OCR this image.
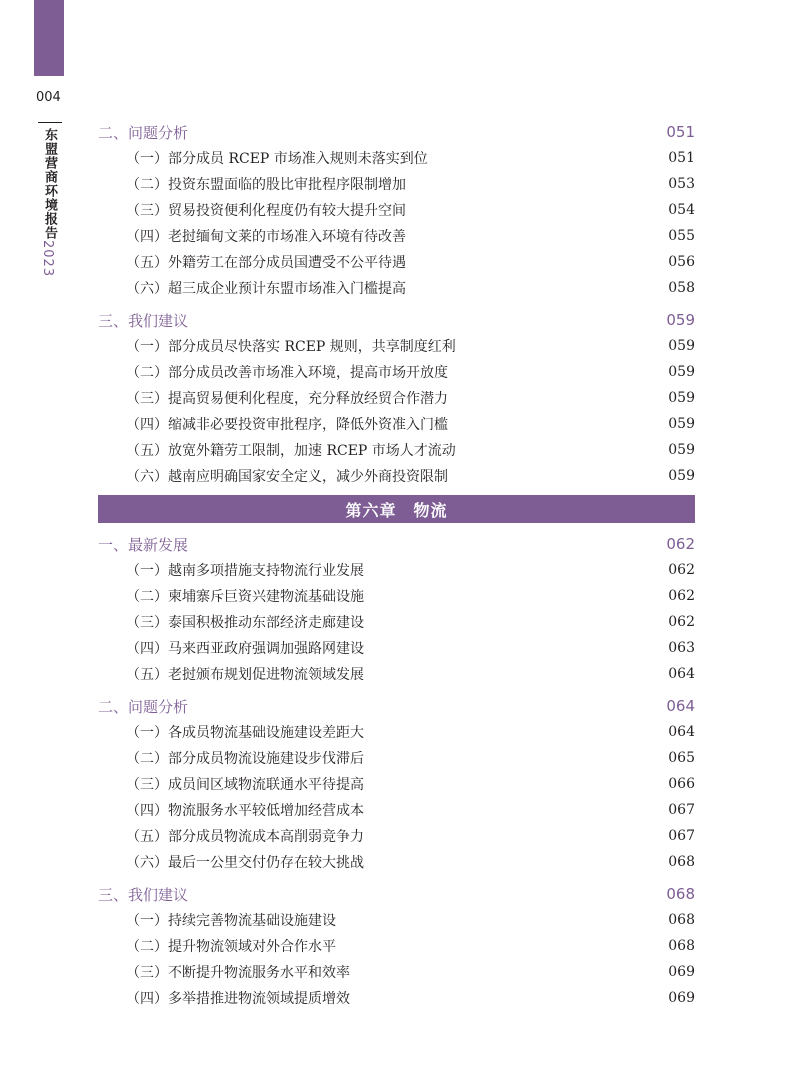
004
东盟营商环境报告
2023
二、问题分析	051
（一）部分成员 RCEP 市场准入规则未落实到位	051
（二）投资东盟面临的股比审批程序限制增加	053
（三）贸易投资便利化程度仍有较大提升空间	054
（四）老挝缅甸文莱的市场准入环境有待改善	055
（五）外籍劳工在部分成员国遭受不公平待遇	056
（六）超三成企业预计东盟市场准入门槛提高	058
三、我们建议	059
（一）部分成员尽快落实 RCEP 规则，共享制度红利	059
（二）部分成员改善市场准入环境，提高市场开放度	059
（三）提高贸易便利化程度，充分释放经贸合作潜力	059
（四）缩减非必要投资审批程序，降低外资准入门槛	059
（五）放宽外籍劳工限制，加速 RCEP 市场人才流动	059
（六）越南应明确国家安全定义，减少外商投资限制	059
第六章　物流
一、最新发展	062
（一）越南多项措施支持物流行业发展	062
（二）柬埔寨斥巨资兴建物流基础设施	062
（三）泰国积极推动东部经济走廊建设	062
（四）马来西亚政府强调加强路网建设	063
（五）老挝颁布规划促进物流领域发展	064
二、问题分析	064
（一）各成员物流基础设施建设差距大	064
（二）部分成员物流设施建设步伐滞后	065
（三）成员间区域物流联通水平待提高	066
（四）物流服务水平较低增加经营成本	067
（五）部分成员物流成本高削弱竞争力	067
（六）最后一公里交付仍存在较大挑战	068
三、我们建议	068
（一）持续完善物流基础设施建设	068
（二）提升物流领域对外合作水平	068
（三）不断提升物流服务水平和效率	069
（四）多举措推进物流领域提质增效	069
